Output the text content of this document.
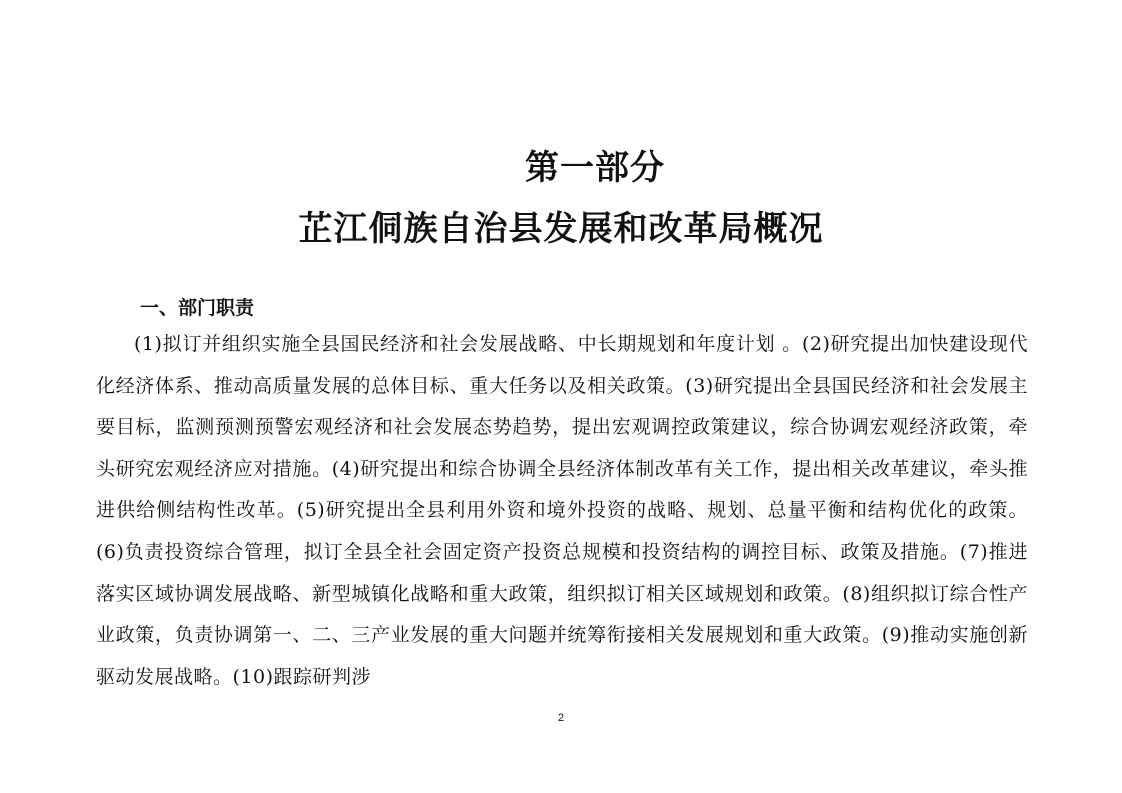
第一部分
芷江侗族自治县发展和改革局概况
一、部门职责

(1)拟订并组织实施全县国民经济和社会发展战略、中长期规划和年度计划 。(2)研究提出加快建设现代化经济体系、推动高质量发展的总体目标、重大任务以及相关政策。(3)研究提出全县国民经济和社会发展主要目标，监测预测预警宏观经济和社会发展态势趋势，提出宏观调控政策建议，综合协调宏观经济政策，牵头研究宏观经济应对措施。(4)研究提出和综合协调全县经济体制改革有关工作，提出相关改革建议，牵头推进供给侧结构性改革。(5)研究提出全县利用外资和境外投资的战略、规划、总量平衡和结构优化的政策。(6)负责投资综合管理，拟订全县全社会固定资产投资总规模和投资结构的调控目标、政策及措施。(7)推进落实区域协调发展战略、新型城镇化战略和重大政策，组织拟订相关区域规划和政策。(8)组织拟订综合性产业政策，负责协调第一、二、三产业发展的重大问题并统筹衔接相关发展规划和重大政策。(9)推动实施创新驱动发展战略。(10)跟踪研判涉

2
